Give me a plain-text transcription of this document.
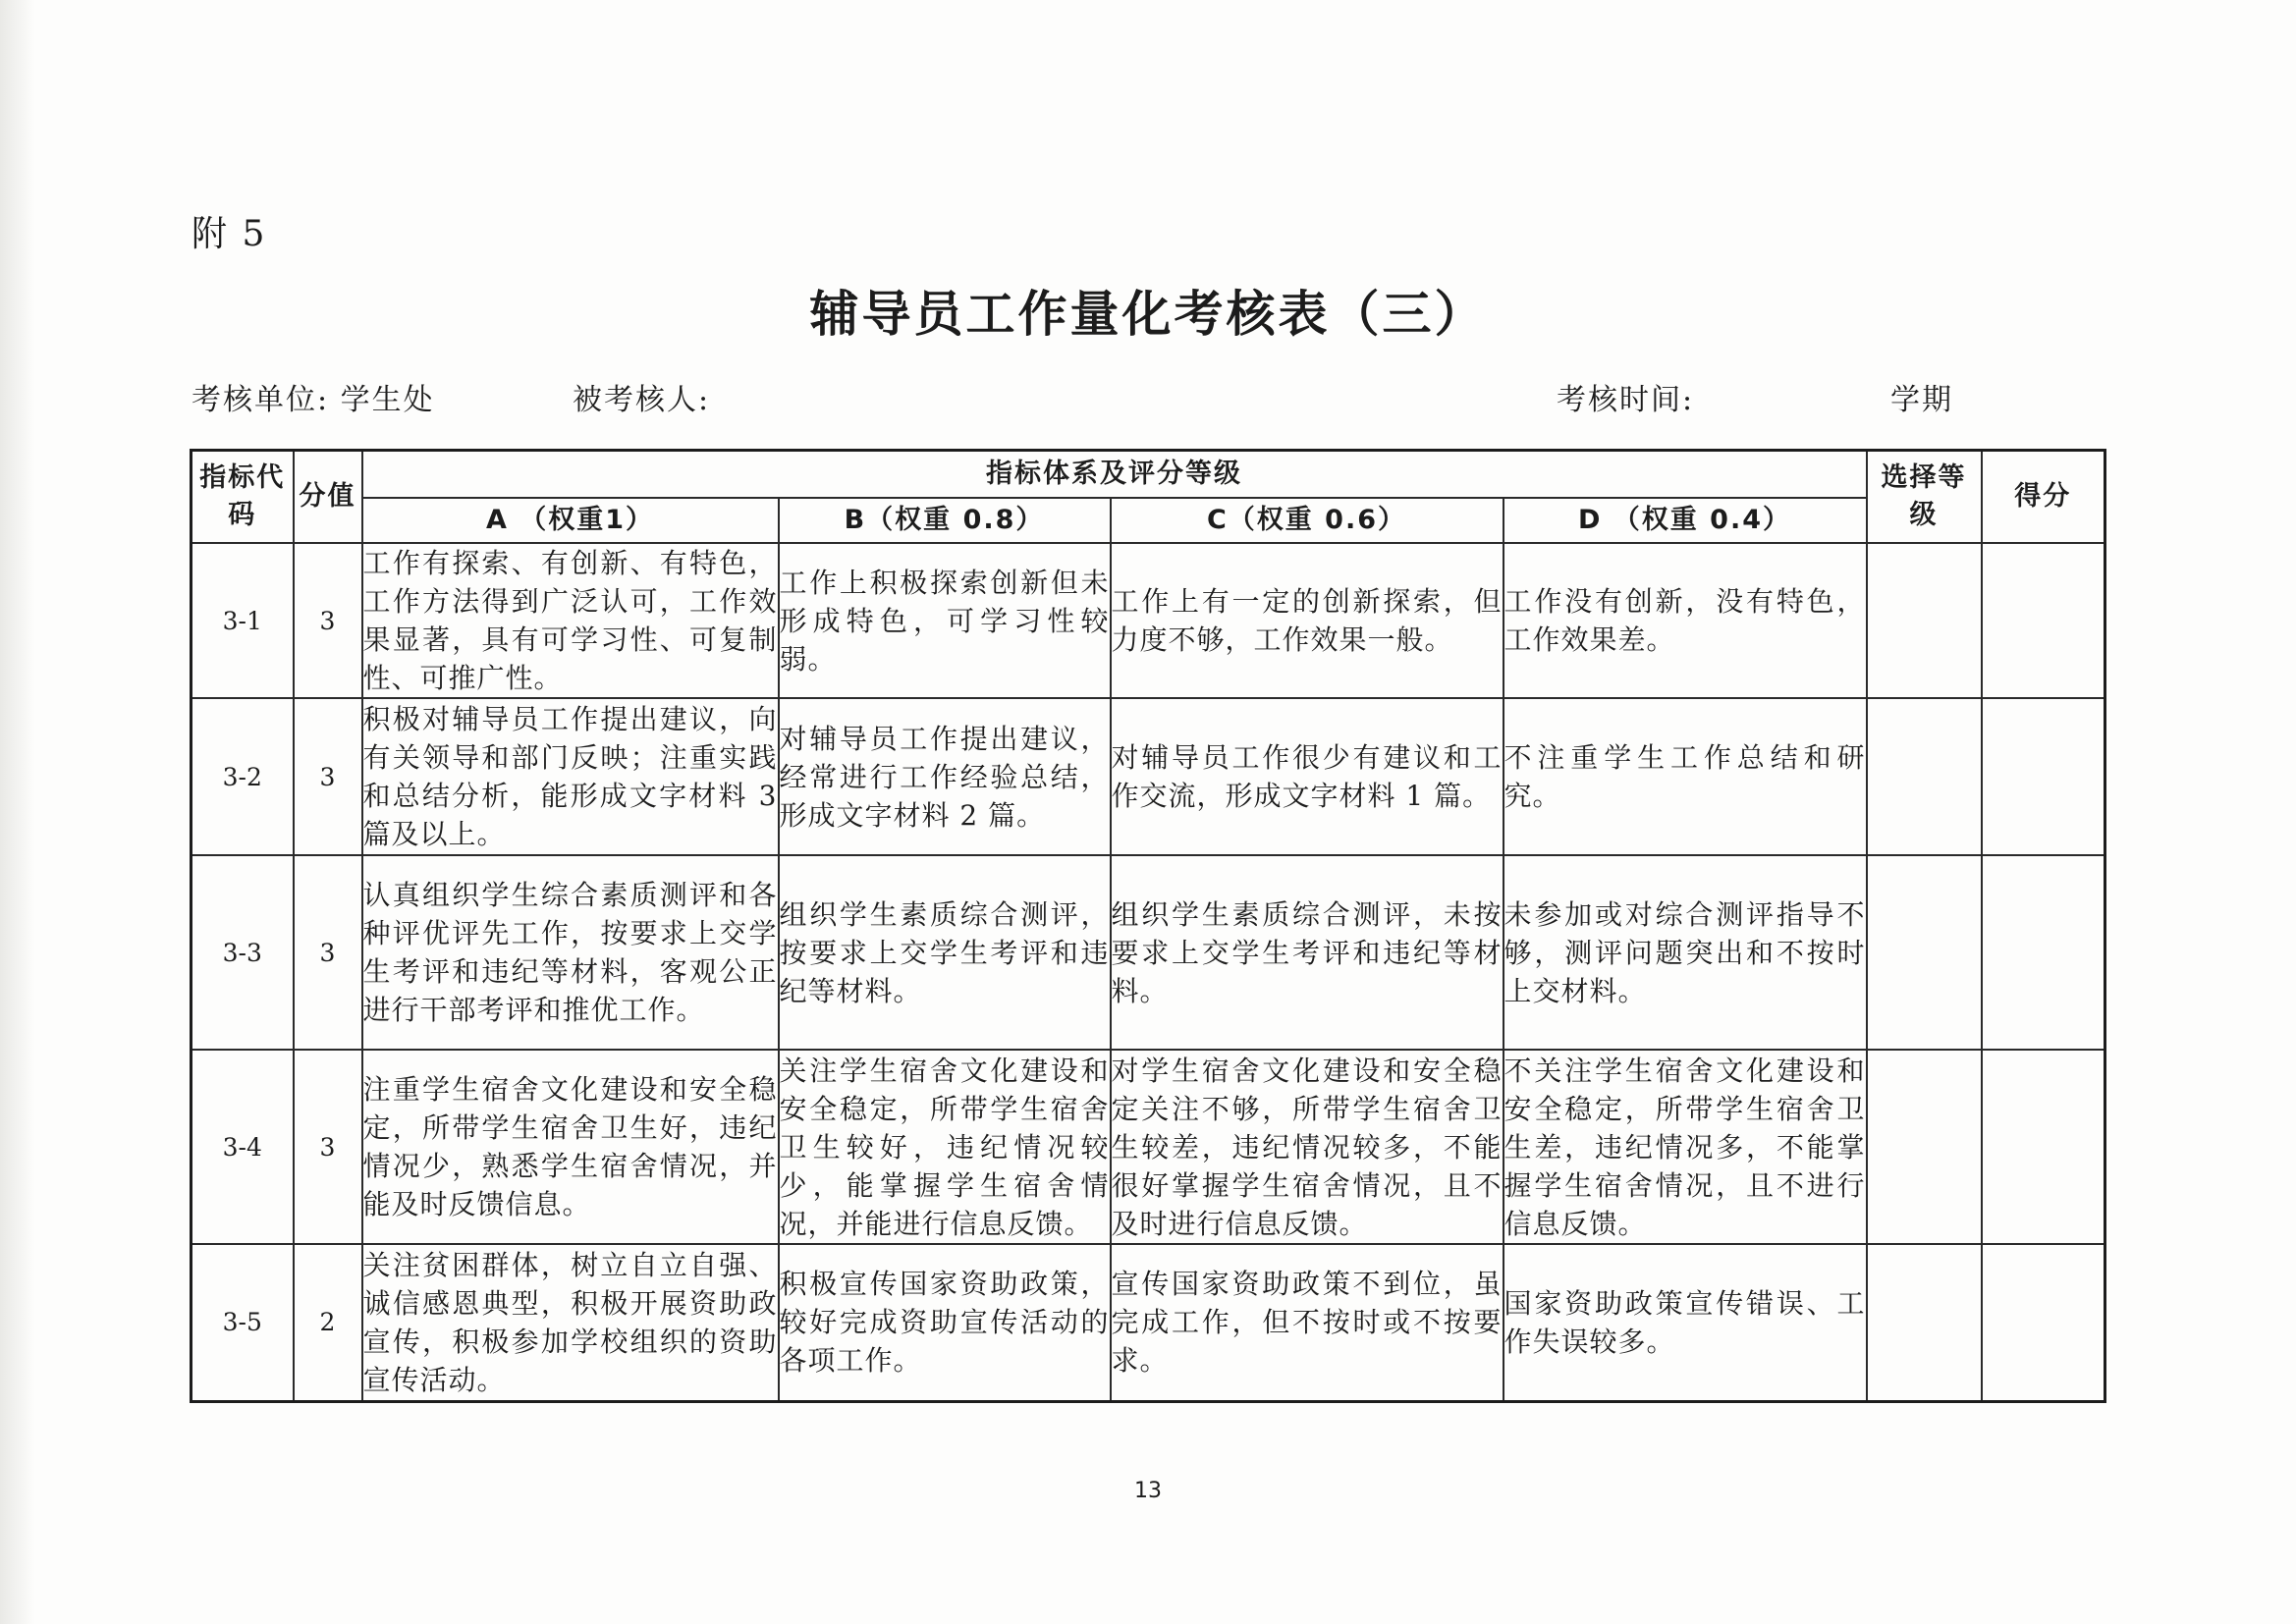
附 5
辅导员工作量化考核表（三）
考核单位: 学生处	被考核人:	考核时间:	学期
指标代码	分值	指标体系及评分等级				选择等级	得分
		A （权重1）	B（权重 0.8）	C（权重 0.6）	D （权重 0.4）		
3-1	3	工作有探索、有创新、有特色，工作方法得到广泛认可，工作效果显著，具有可学习性、可复制性、可推广性。	工作上积极探索创新但未形成特色，可学习性较弱。	工作上有一定的创新探索，但力度不够，工作效果一般。	工作没有创新，没有特色，工作效果差。		
3-2	3	积极对辅导员工作提出建议，向有关领导和部门反映；注重实践和总结分析，能形成文字材料 3 篇及以上。	对辅导员工作提出建议，经常进行工作经验总结，形成文字材料 2 篇。	对辅导员工作很少有建议和工作交流，形成文字材料 1 篇。	不注重学生工作总结和研究。		
3-3	3	认真组织学生综合素质测评和各种评优评先工作，按要求上交学生考评和违纪等材料，客观公正进行干部考评和推优工作。	组织学生素质综合测评，按要求上交学生考评和违纪等材料。	组织学生素质综合测评，未按要求上交学生考评和违纪等材料。	未参加或对综合测评指导不够，测评问题突出和不按时上交材料。		
3-4	3	注重学生宿舍文化建设和安全稳定，所带学生宿舍卫生好，违纪情况少，熟悉学生宿舍情况，并能及时反馈信息。	关注学生宿舍文化建设和安全稳定，所带学生宿舍卫生较好，违纪情况较少，能掌握学生宿舍情况，并能进行信息反馈。	对学生宿舍文化建设和安全稳定关注不够，所带学生宿舍卫生较差，违纪情况较多，不能很好掌握学生宿舍情况，且不及时进行信息反馈。	不关注学生宿舍文化建设和安全稳定，所带学生宿舍卫生差，违纪情况多，不能掌握学生宿舍情况，且不进行信息反馈。		
3-5	2	关注贫困群体，树立自立自强、诚信感恩典型，积极开展资助政宣传，积极参加学校组织的资助宣传活动。	积极宣传国家资助政策，较好完成资助宣传活动的各项工作。	宣传国家资助政策不到位，虽完成工作，但不按时或不按要求。	国家资助政策宣传错误、工作失误较多。		
13
